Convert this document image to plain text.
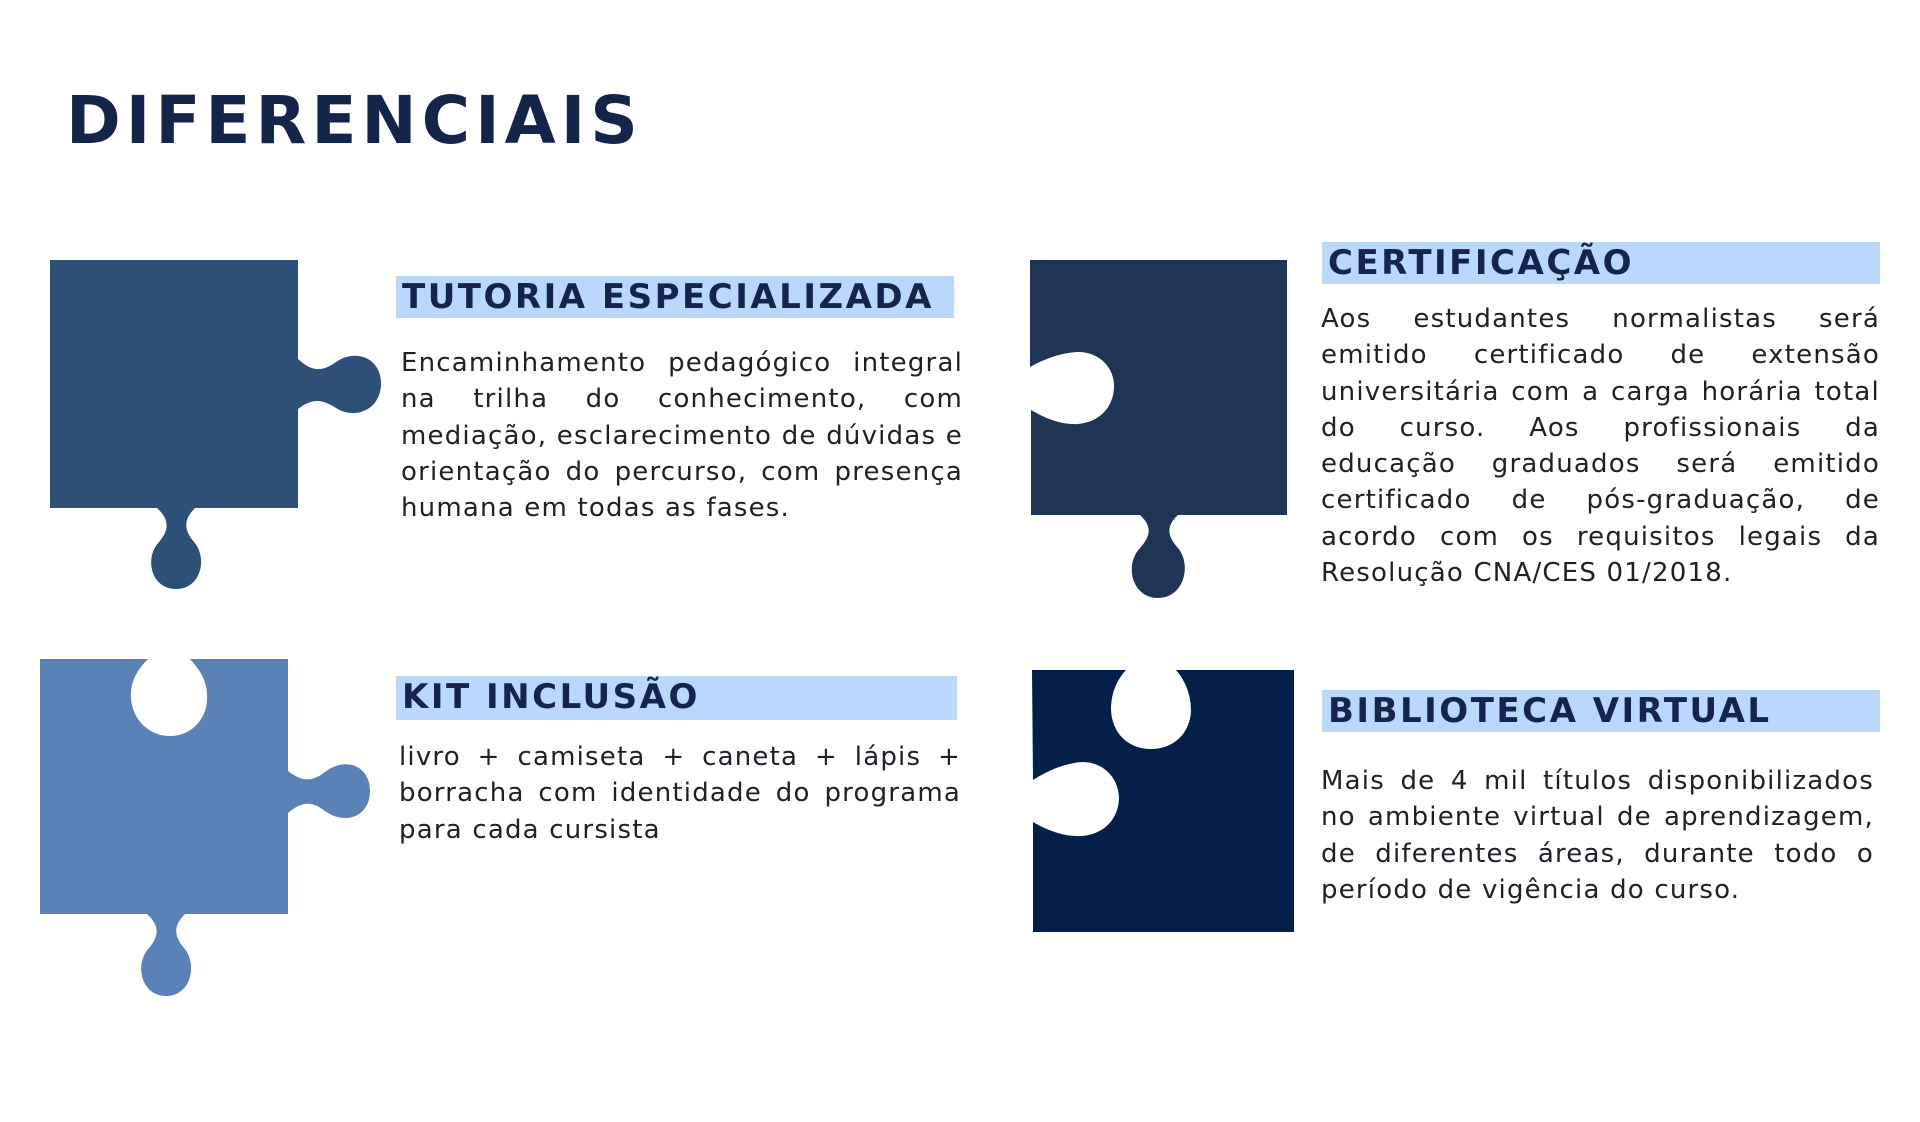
DIFERENCIAIS
TUTORIA ESPECIALIZADA

Encaminhamento pedagógico integral na trilha do conhecimento, com mediação, esclarecimento de dúvidas e orientação do percurso, com presença humana em todas as fases.

CERTIFICAÇÃO

Aos estudantes normalistas será emitido certificado de extensão universitária com a carga horária total do curso. Aos profissionais da educação graduados será emitido certificado de pós-graduação, de acordo com os requisitos legais da Resolução CNA/CES 01/2018.

KIT INCLUSÃO

livro + camiseta + caneta + lápis + borracha com identidade do programa para cada cursista

BIBLIOTECA VIRTUAL

Mais de 4 mil títulos disponibilizados no ambiente virtual de aprendizagem, de diferentes áreas, durante todo o período de vigência do curso.
